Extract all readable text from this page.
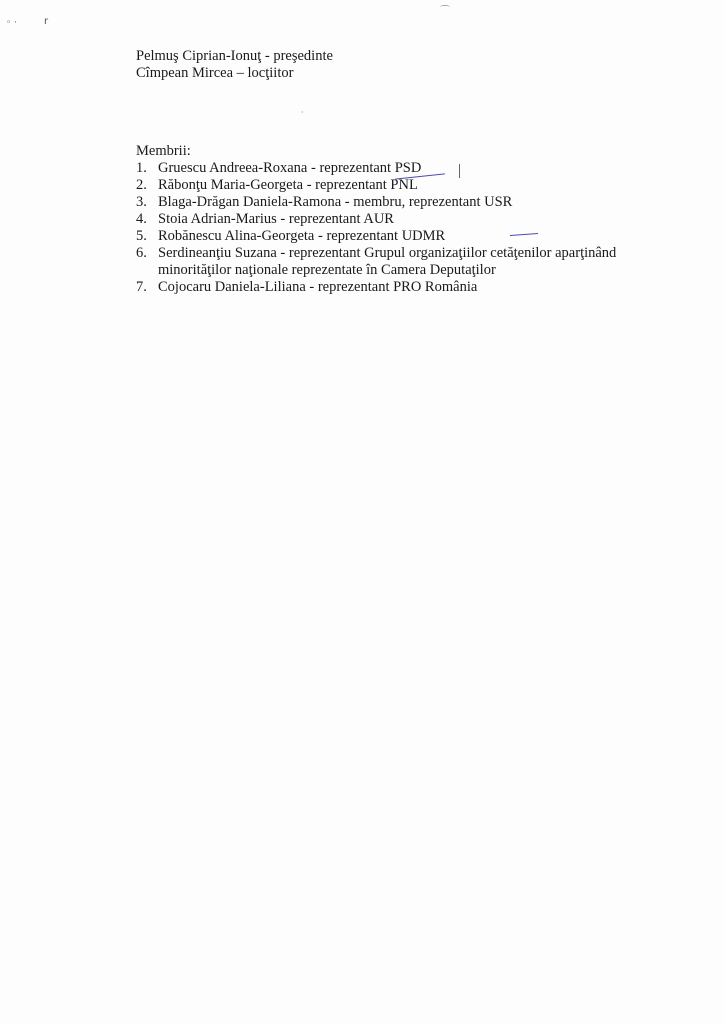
◦ ·	r
⌒
·
Pelmuş Ciprian-Ionuţ - preşedinte
Cîmpean Mircea – locţiitor
Membrii:
1. Gruescu Andreea-Roxana - reprezentant PSD
2. Răbonţu Maria-Georgeta - reprezentant PNL
3. Blaga-Drăgan Daniela-Ramona - membru, reprezentant USR
4. Stoia Adrian-Marius - reprezentant AUR
5. Robănescu Alina-Georgeta - reprezentant UDMR
6. Serdineanţiu Suzana - reprezentant Grupul organizaţiilor cetăţenilor aparţinând minorităţilor naţionale reprezentate în Camera Deputaţilor
7. Cojocaru Daniela-Liliana - reprezentant PRO România
